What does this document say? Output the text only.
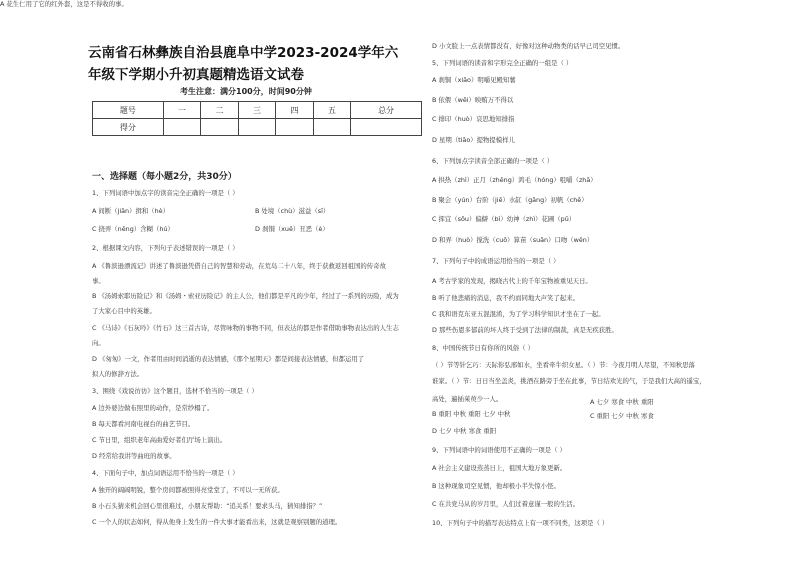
云南省石林彝族自治县鹿阜中学2023-2024学年六年级下学期小升初真题精选语文试卷
考生注意：满分100分，时间90分钟
题号	一	二	三	四	五	总分
得分						
一、选择题（每小题2分，共30分）
1、下列词语中加点字的读音完全正确的一项是（ ）
A 间断（jiān）揖和（hè）	B 处境（chù）滋益（sī）
C 挠弄（něng）含糊（hú）	D 刹铜（xuē）丑恶（è）
2、根据课文内容，下列句子表述错误的一项是（ ）
A 《鲁滨逊漂流记》讲述了鲁滨逊凭借自己的智慧和劳动，在荒岛二十八年，终于获救返回祖国的传奇故
事。
B 《汤姆索耶历险记》和《汤姆・索亚历险记》的主人公，他们都是平凡的少年，经过了一系列的历险，成为
了大家心目中的英雄。
C 《马诗》《石灰吟》《竹石》这三首古诗，尽管咏物的事物不同，但表达的都是作者借助事物表达出的人生志
向。
D 《匆匆》一文，作者用由时间消逝的表达情感，《那个星期天》都是间接表达情感，但都运用了
拟人的修辞方法。
3、围绕《戏说彷彷》这个题目，选材不恰当的一项是（ ）
A 边外婆边做布照里的动作，是常纱榻了。
B 每天都看河南电视台的曲艺节目。
C 节日里，组织老年高曲爱好者们厅场上演出。
D 经常给我讲等曲班的故事。
4、下面句子中，加点词语运用不恰当的一项是（ ）
A 独开的阔阔明锐，整个房间都被照得亮堂堂了，不可以一无所获。
B 小石头猜来机会回心里很难过，小朋友帮助：“追关系！要求头马，猜知排指？”
C 一个人的状态如何，得从他身上发生的一件大事才能看出来，这就是观察别题的道理。
D 小文脸上一点表情都没有，好像对这种动物类的话早已司空见惯。
5、下列词语的读音和字形完全正确的一组是（ ）
A 刹铜（xiāo）明嚼见殿知薯
B 依偎（wēi）映贿万不得以
C 排印（huò）哀思地知排指
D 星期（tiāo）提物提模样儿
6、下列加点字读音全部正确的一项是（ ）
A 拱热（zhì）正月（zhēng）鸿毛（hóng）咀嚼（zhā）
B 聚会（yún）台阶（jiē）水缸（gāng）初帆（chē）
C 挥宜（sōu）偏僻（bì）幼神（zhì）花圃（pǔ）
D 和弄（huò）搅洗（cuō）算苗（suān）口吻（wěn）
7、下列句子中的成语运用恰当的一项是（ ）
A 考古学家的发现，揭晓古代上的千年宝物被重见天日。
B 听了他悲痛的消息，我不约而同地大声笑了起来。
C 我和语克东亚五混混淆，为了学习科学知识才坐在了一起。
D 那些伤恩多郁前的坏人终于受到了法律的制裁，真是无疾获胜。
8、中国传统节日有你所的风俗（ ）
（ ）节等针乞巧：天际你弘邢如水，坐看牵牛织女星。（ ）节：今夜月明人尽望，不知秋思落
谁家。（ ）节：日日当坐盖炎，挑酒在路旁于坐在此事，节日结欢光的气，于是我们大高的遥宝，
高处，遍插茱萸少一人。	A 七夕 寒食 中秋 重阳
B 重阳 中秋 重阳 七夕 中秋	C 重阳 七夕 中秋 寒食
D 七夕 中秋 寒食 重阳
9、下列词语中的词语使用不正确的一项是（ ）
A 社会主义建设蒸蒸日上，祖国大地万象更新。
B 这种现象司空见惯，他却极小半失惊小怪。
C 在共党马从的岁月里，人们过着意谨一般的生活。
10、下列句子中的描写表达特点上有一项不同类，这项是（ ）
A 花生仁用了它的红外套，这是不得收的事。
